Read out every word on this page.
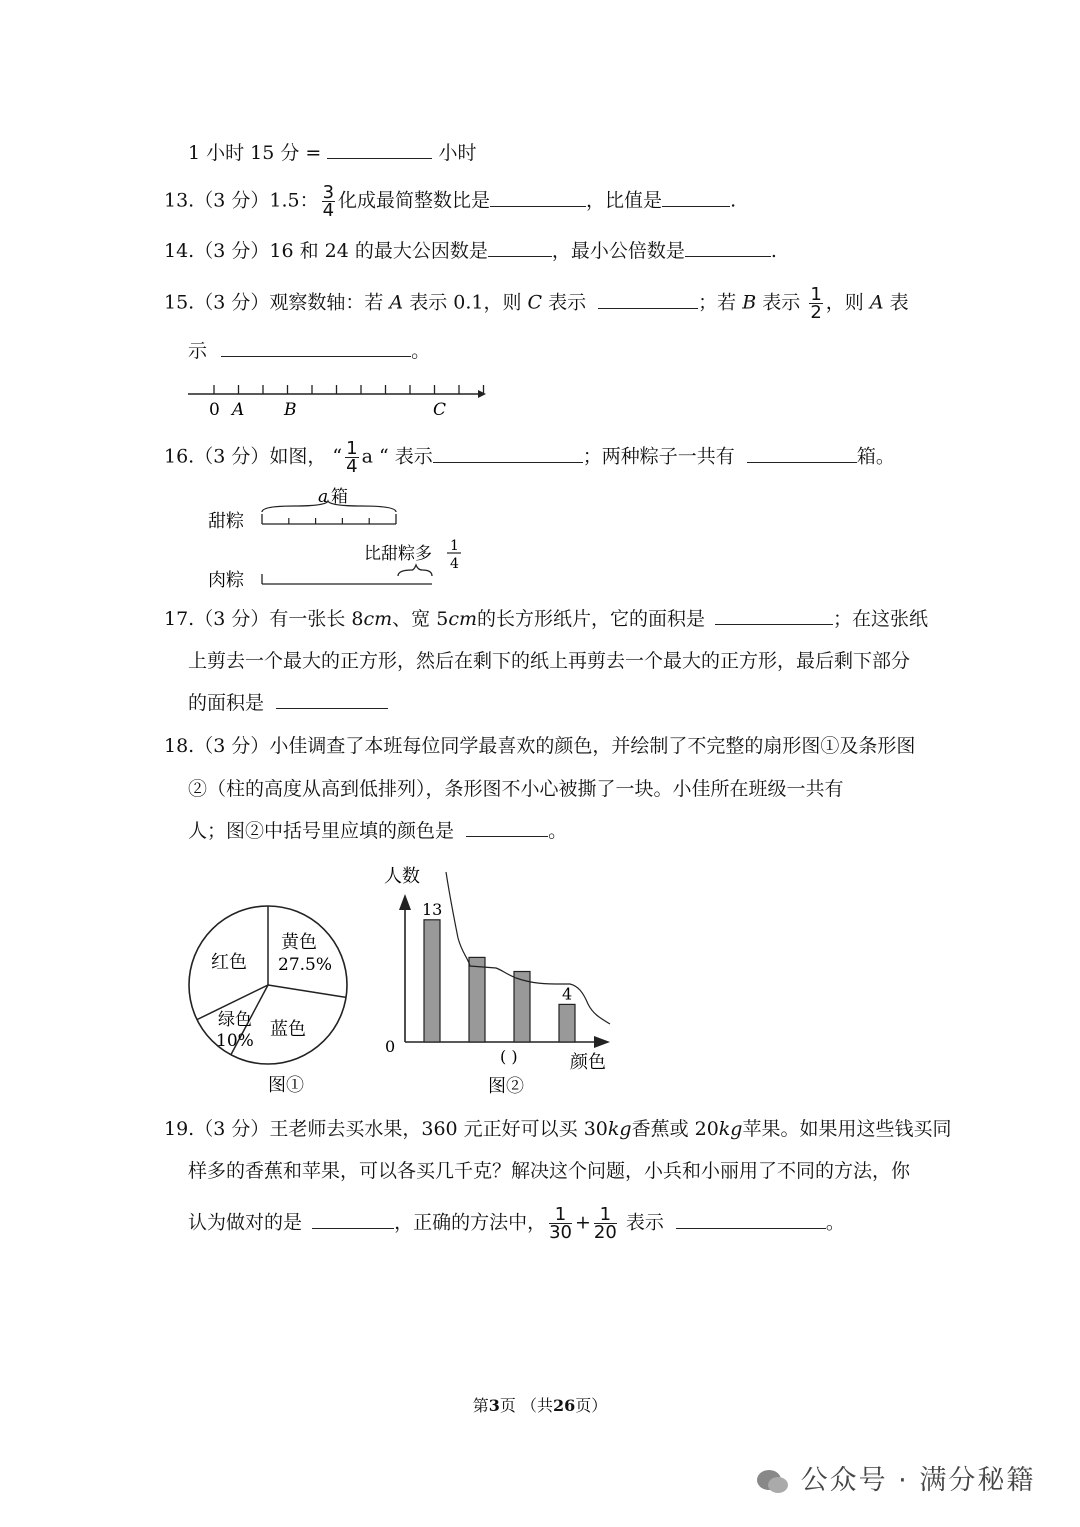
1 小时 15 分 =	小时
13.（3 分）1.5： $\frac{3}{4}$ 化成最简整数比是	，比值是	.
14.（3 分）16 和 24 的最大公因数是	，最小公倍数是	.
15.（3 分）观察数轴：若 A 表示 0.1，则 C 表示	；若 B 表示 $\frac{1}{2}$ ，则 A 表
示	。
0 A B	C
16.（3 分）如图， “ $\frac{1}{4}$ a “ 表示	；两种粽子一共有	箱。
a 箱
甜粽
比甜粽多 1
4
肉粽
17.（3 分）有一张长 8cm、宽 5cm的长方形纸片，它的面积是	；在这张纸
上剪去一个最大的正方形，然后在剩下的纸上再剪去一个最大的正方形，最后剩下部分
的面积是
18.（3 分）小佳调查了本班每位同学最喜欢的颜色，并绘制了不完整的扇形图①及条形图
②（柱的高度从高到低排列），条形图不小心被撕了一块。小佳所在班级一共有
人；图②中括号里应填的颜色是	。
黄色
27.5%
红色
蓝色
绿色
10%
图①
人数
0
13
4
( )	颜色
图②
19.（3 分）王老师去买水果，360 元正好可以买 30kg香蕉或 20kg苹果。如果用这些钱买同
样多的香蕉和苹果，可以各买几千克？解决这个问题，小兵和小丽用了不同的方法，你
认为做对的是	，正确的方法中， $\frac{1}{30} + \frac{1}{20}$ 表示	。
第3页 （共26页）
公众号 · 满分秘籍
